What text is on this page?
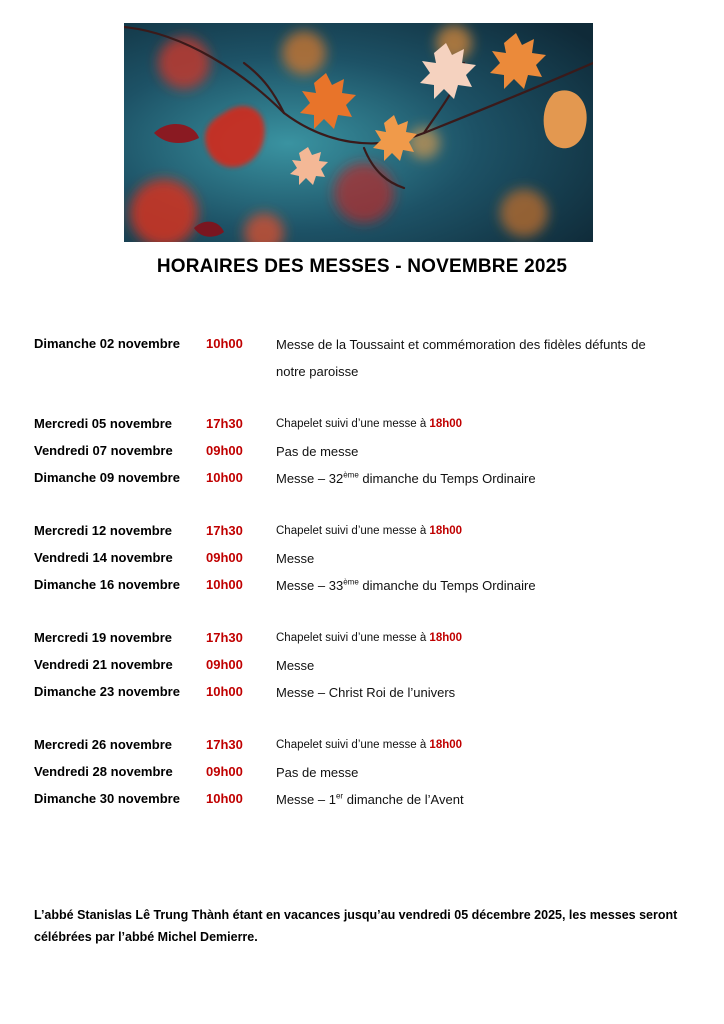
HORAIRES DES MESSES - NOVEMBRE 2025
Dimanche 02 novembre 10h00	Messe de la Toussaint et commémoration des fidèles défunts de notre paroisse
Mercredi 05 novembre	17h30	Chapelet suivi d’une messe à 18h00
Vendredi 07 novembre	09h00	Pas de messe
Dimanche 09 novembre 10h00	Messe – 32ème dimanche du Temps Ordinaire
Mercredi 12 novembre	17h30	Chapelet suivi d’une messe à 18h00
Vendredi 14 novembre	09h00	Messe
Dimanche 16 novembre 10h00	Messe – 33ème dimanche du Temps Ordinaire
Mercredi 19 novembre	17h30	Chapelet suivi d’une messe à 18h00
Vendredi 21 novembre	09h00	Messe
Dimanche 23 novembre 10h00	Messe – Christ Roi de l’univers
Mercredi 26 novembre	17h30	Chapelet suivi d’une messe à 18h00
Vendredi 28 novembre	09h00	Pas de messe
Dimanche 30 novembre 10h00	Messe – 1er dimanche de l’Avent
L’abbé Stanislas Lê Trung Thành étant en vacances jusqu’au vendredi 05 décembre 2025, les messes seront célébrées par l’abbé Michel Demierre.
